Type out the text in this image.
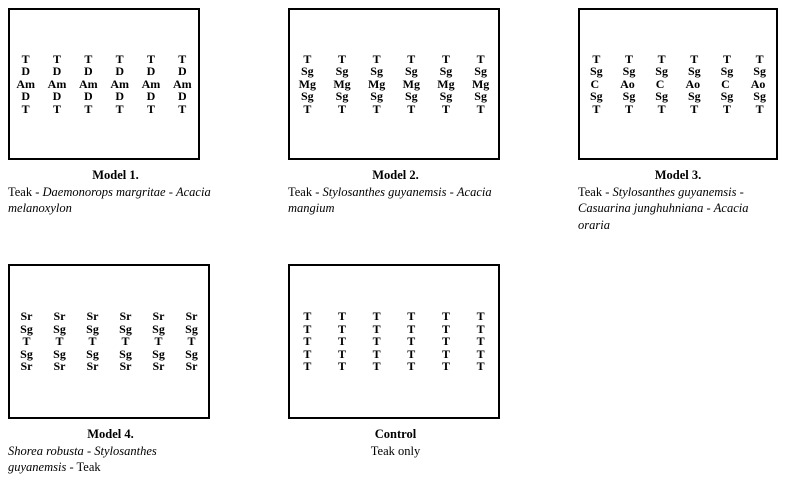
T T T T T T
D D D D D D
Am Am Am Am Am Am
D D D D D D
T T T T T T
Model 1.
Teak - Daemonorops margritae - Acacia melanoxylon
T T T T T T
Sg Sg Sg Sg Sg Sg
Mg Mg Mg Mg Mg Mg
Sg Sg Sg Sg Sg Sg
T T T T T T
Model 2.
Teak - Stylosanthes guyanemsis - Acacia mangium
T T T T T T
Sg Sg Sg Sg Sg Sg
C Ao C Ao C Ao
Sg Sg Sg Sg Sg Sg
T T T T T T
Model 3.
Teak - Stylosanthes guyanemsis - Casuarina junghuhniana - Acacia oraria
Sr Sr Sr Sr Sr Sr
Sg Sg Sg Sg Sg Sg
T T T T T T
Sg Sg Sg Sg Sg Sg
Sr Sr Sr Sr Sr Sr
Model 4.
Shorea robusta - Stylosanthes guyanemsis - Teak
T T T T T T
T T T T T T
T T T T T T
T T T T T T
T T T T T T
Control
Teak only
